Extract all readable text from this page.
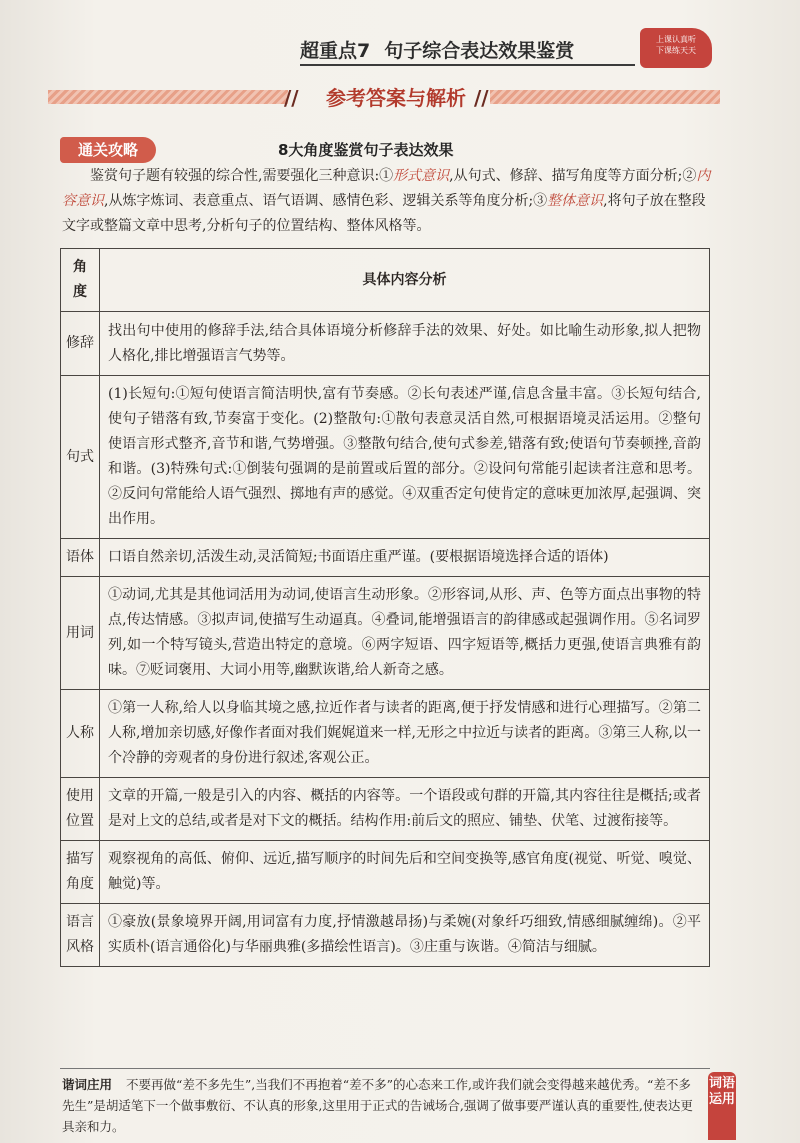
超重点7 句子综合表达效果鉴赏	上课认真听
下课练天天
//	参考答案与解析 //
通关攻略	8大角度鉴赏句子表达效果
鉴赏句子题有较强的综合性,需要强化三种意识:①形式意识,从句式、修辞、描写角度等方面分析;②内容意识,从炼字炼词、表意重点、语气语调、感情色彩、逻辑关系等角度分析;③整体意识,将句子放在整段文字或整篇文章中思考,分析句子的位置结构、整体风格等。
角度	具体内容分析
修辞	找出句中使用的修辞手法,结合具体语境分析修辞手法的效果、好处。如比喻生动形象,拟人把物人格化,排比增强语言气势等。
句式	(1)长短句:①短句使语言简洁明快,富有节奏感。②长句表述严谨,信息含量丰富。③长短句结合,使句子错落有致,节奏富于变化。(2)整散句:①散句表意灵活自然,可根据语境灵活运用。②整句使语言形式整齐,音节和谐,气势增强。③整散句结合,使句式参差,错落有致;使语句节奏顿挫,音韵和谐。(3)特殊句式:①倒装句强调的是前置或后置的部分。②设问句常能引起读者注意和思考。②反问句常能给人语气强烈、掷地有声的感觉。④双重否定句使肯定的意味更加浓厚,起强调、突出作用。
语体	口语自然亲切,活泼生动,灵活简短;书面语庄重严谨。(要根据语境选择合适的语体)
用词	①动词,尤其是其他词活用为动词,使语言生动形象。②形容词,从形、声、色等方面点出事物的特点,传达情感。③拟声词,使描写生动逼真。④叠词,能增强语言的韵律感或起强调作用。⑤名词罗列,如一个特写镜头,营造出特定的意境。⑥两字短语、四字短语等,概括力更强,使语言典雅有韵味。⑦贬词褒用、大词小用等,幽默诙谐,给人新奇之感。
人称	①第一人称,给人以身临其境之感,拉近作者与读者的距离,便于抒发情感和进行心理描写。②第二人称,增加亲切感,好像作者面对我们娓娓道来一样,无形之中拉近与读者的距离。③第三人称,以一个冷静的旁观者的身份进行叙述,客观公正。
使用位置	文章的开篇,一般是引入的内容、概括的内容等。一个语段或句群的开篇,其内容往往是概括;或者是对上文的总结,或者是对下文的概括。结构作用:前后文的照应、铺垫、伏笔、过渡衔接等。
描写角度	观察视角的高低、俯仰、远近,描写顺序的时间先后和空间变换等,感官角度(视觉、听觉、嗅觉、触觉)等。
语言风格	①豪放(景象境界开阔,用词富有力度,抒情激越昂扬)与柔婉(对象纤巧细致,情感细腻缠绵)。②平实质朴(语言通俗化)与华丽典雅(多描绘性语言)。③庄重与诙谐。④简洁与细腻。
谐词庄用 不要再做“差不多先生”,当我们不再抱着“差不多”的心态来工作,或许我们就会变得越来越优秀。“差不多先生”是胡适笔下一个做事敷衍、不认真的形象,这里用于正式的告诫场合,强调了做事要严谨认真的重要性,使表达更具亲和力。
词语运用
